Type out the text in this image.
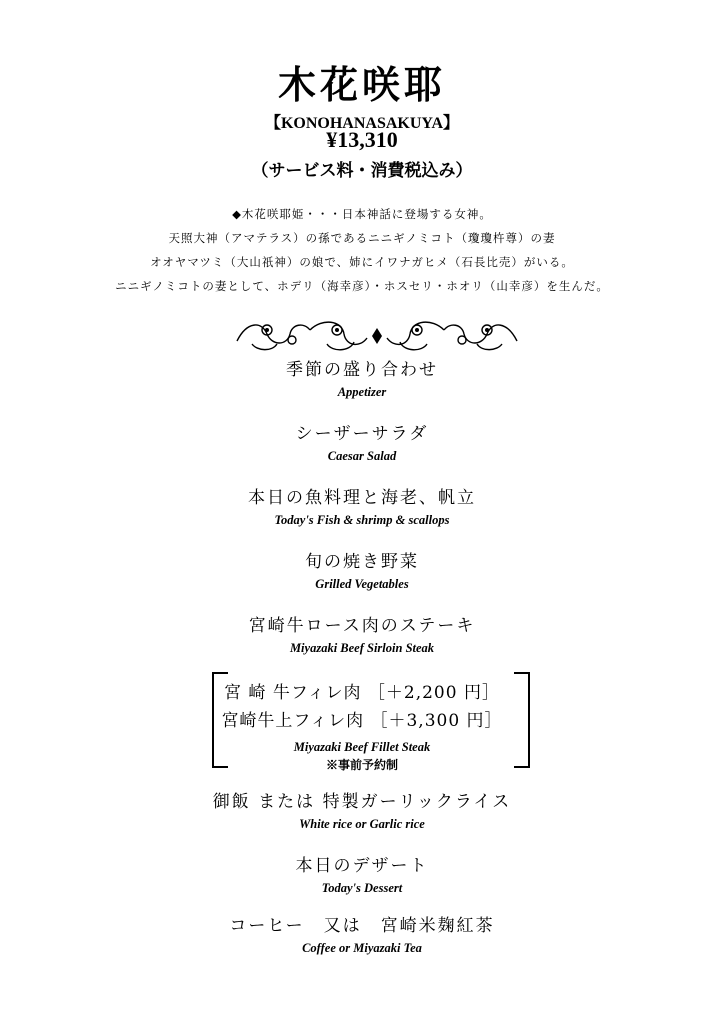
木花咲耶
【KONOHANASAKUYA】
¥13,310
（サービス料・消費税込み）
◆木花咲耶姫・・・日本神話に登場する女神。
天照大神（アマテラス）の孫であるニニギノミコト（瓊瓊杵尊）の妻
オオヤマツミ（大山祇神）の娘で、姉にイワナガヒメ（石長比売）がいる。
ニニギノミコトの妻として、ホデリ（海幸彦）・ホスセリ・ホオリ（山幸彦）を生んだ。
季節の盛り合わせ
Appetizer
シーザーサラダ
Caesar Salad
本日の魚料理と海老、帆立
Today's Fish & shrimp & scallops
旬の焼き野菜
Grilled Vegetables
宮崎牛ロース肉のステーキ
Miyazaki Beef Sirloin Steak
宮 崎 牛フィレ肉 ［＋2,200 円］
宮崎牛上フィレ肉 ［＋3,300 円］
Miyazaki Beef Fillet Steak
※事前予約制
御飯 または 特製ガーリックライス
White rice or Garlic rice
本日のデザート
Today's Dessert
コーヒー　又は　宮崎米麹紅茶
Coffee or Miyazaki Tea
